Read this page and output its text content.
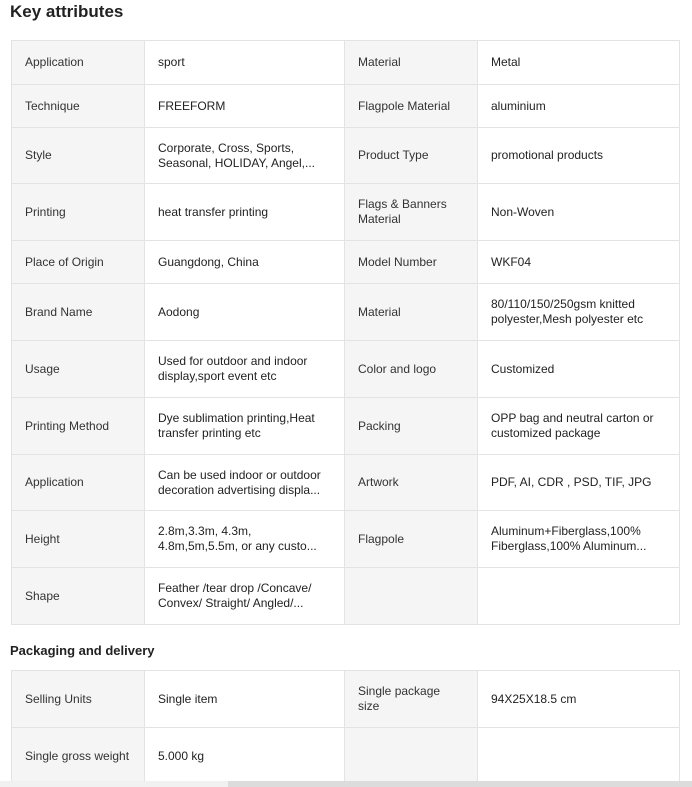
Key attributes
Application	sport	Material	Metal

Technique	FREEFORM	Flagpole Material	aluminium

Style	Corporate, Cross, Sports, Seasonal, HOLIDAY, Angel,...	Product Type	promotional products

Printing	heat transfer printing	Flags & Banners Material	Non-Woven

Place of Origin	Guangdong, China	Model Number	WKF04

Brand Name	Aodong	Material	80/110/150/250gsm knitted polyester,Mesh polyester etc

Usage	Used for outdoor and indoor display,sport event etc	Color and logo	Customized

Printing Method	Dye sublimation printing,Heat transfer printing etc	Packing	OPP bag and neutral carton or customized package

Application	Can be used indoor or outdoor decoration advertising displa...	Artwork	PDF, AI, CDR , PSD, TIF, JPG

Height	2.8m,3.3m, 4.3m, 4.8m,5m,5.5m, or any custo...	Flagpole	Aluminum+Fiberglass,100% Fiberglass,100% Aluminum...

Shape	Feather /tear drop /Concave/ Convex/ Straight/ Angled/...		

Packaging and delivery
Selling Units	Single item	Single package size	94X25X18.5 cm

Single gross weight	5.000 kg		
